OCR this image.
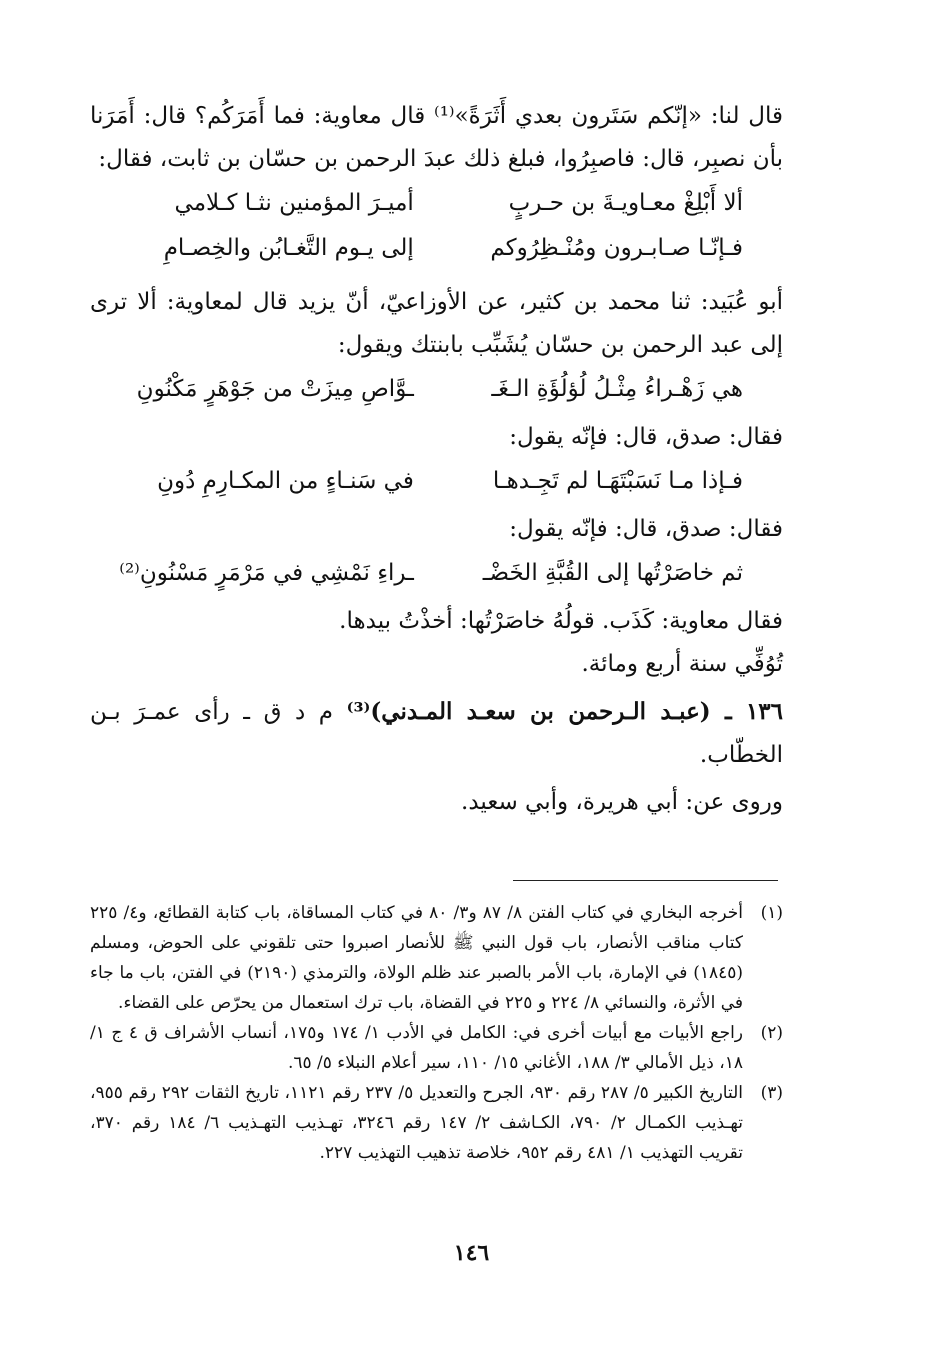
قال لنا: «إنّكم سَتَرون بعدي أَثَرَةً»⁽¹⁾ قال معاوية: فما أَمَرَكُم؟ قال: أَمَرَنا بأن نصبِر، قال: فاصبِرُوا، فبلغ ذلك عبدَ الرحمن بن حسّان بن ثابت، فقال:

ألا أَبْلِغْ معـاويـةَ بن حـربٍ
أميـرَ المؤمنين نثـا كـلامي
فـإنّـا صـابـرون ومُنْـظِرُوكم
إلى يـوم التَّغـابُن والخِصـامِ

أبو عُبَيد: ثنا محمد بن كثير، عن الأوزاعيّ، أنّ يزيد قال لمعاوية: ألا ترى إلى عبد الرحمن بن حسّان يُشَبِّب بابنتك ويقول:

هي زَهْـراءُ مِثْـلُ لُؤلُؤَةِ الـغَـ
ـوَّاصِ مِيزَتْ من جَوْهَرٍ مَكْنُونِ

فقال: صدق، قال: فإنّه يقول:

فـإذا مـا نَسَبْتَهَـا لم تَجِـدهـا
في سَنـاءٍ من المكـارِمِ دُونِ

فقال: صدق، قال: فإنّه يقول:

ثم خاصَرْتُها إلى القُبَّةِ الخَضْـ
ـراءِ نَمْشِي في مَرْمَرٍ مَسْنُونِ⁽²⁾

فقال معاوية: كَذَب. قولُهُ خاصَرْتُها: أخذْتُ بيدها.

تُوُفِّي سنة أربع ومائة.

١٣٦ ـ (عبـد الـرحمن بن سعـد المـدني)⁽³⁾ م د ق ـ رأى عمـرَ بـن الخطّاب.

وروى عن: أبي هريرة، وأبي سعيد.

(١)
أخرجه البخاري في كتاب الفتن ٨/ ٨٧ و٣/ ٨٠ في كتاب المساقاة، باب كتابة القطائع، و٤/ ٢٢٥ كتاب مناقب الأنصار، باب قول النبي ﷺ للأنصار اصبروا حتى تلقوني على الحوض، ومسلم (١٨٤٥) في الإمارة، باب الأمر بالصبر عند ظلم الولاة، والترمذي (٢١٩٠) في الفتن، باب ما جاء في الأثرة، والنسائي ٨/ ٢٢٤ و ٢٢٥ في القضاة، باب ترك استعمال من يحرّص على القضاء.

(٢)
راجع الأبيات مع أبيات أخرى في: الكامل في الأدب ١/ ١٧٤ و١٧٥، أنساب الأشراف ق ٤ ج ١/ ١٨، ذيل الأمالي ٣/ ١٨٨، الأغاني ١٥/ ١١٠، سير أعلام النبلاء ٥/ ٦٥.

(٣)
التاريخ الكبير ٥/ ٢٨٧ رقم ٩٣٠، الجرح والتعديل ٥/ ٢٣٧ رقم ١١٢١، تاريخ الثقات ٢٩٢ رقم ٩٥٥، تهـذيب الكمـال ٢/ ٧٩٠، الكـاشف ٢/ ١٤٧ رقم ٣٢٤٦، تهـذيب التهـذيب ٦/ ١٨٤ رقم ٣٧٠، تقريب التهذيب ١/ ٤٨١ رقم ٩٥٢، خلاصة تذهيب التهذيب ٢٢٧.

١٤٦
